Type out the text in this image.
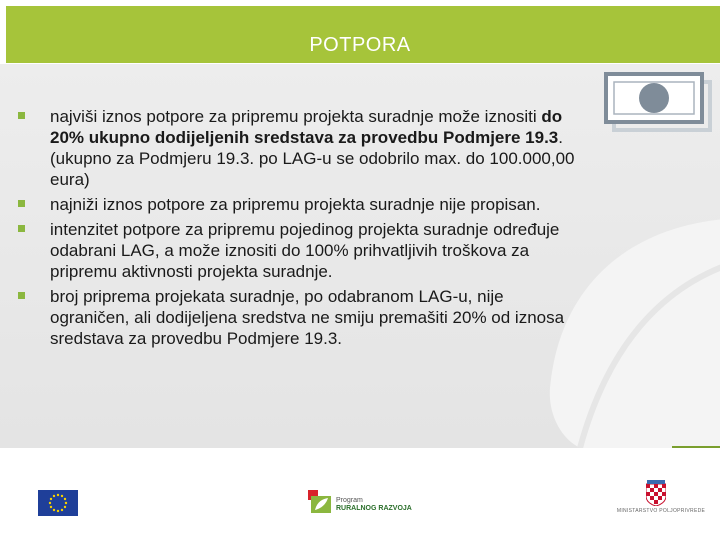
POTPORA
najviši iznos potpore za pripremu projekta suradnje može iznositi do 20% ukupno dodijeljenih sredstava za provedbu Podmjere 19.3. (ukupno za Podmjeru 19.3. po LAG-u se odobrilo max. do 100.000,00 eura)
najniži iznos potpore za pripremu projekta suradnje nije propisan.
intenzitet potpore za pripremu pojedinog projekta suradnje određuje odabrani LAG, a može iznositi do 100% prihvatljivih troškova za pripremu aktivnosti projekta suradnje.
broj priprema projekata suradnje, po odabranom LAG-u, nije ograničen, ali dodijeljena sredstva ne smiju premašiti 20% od iznosa sredstava za provedbu Podmjere 19.3.
Program
RURALNOG RAZVOJA	MINISTARSTVO POLJOPRIVREDE
